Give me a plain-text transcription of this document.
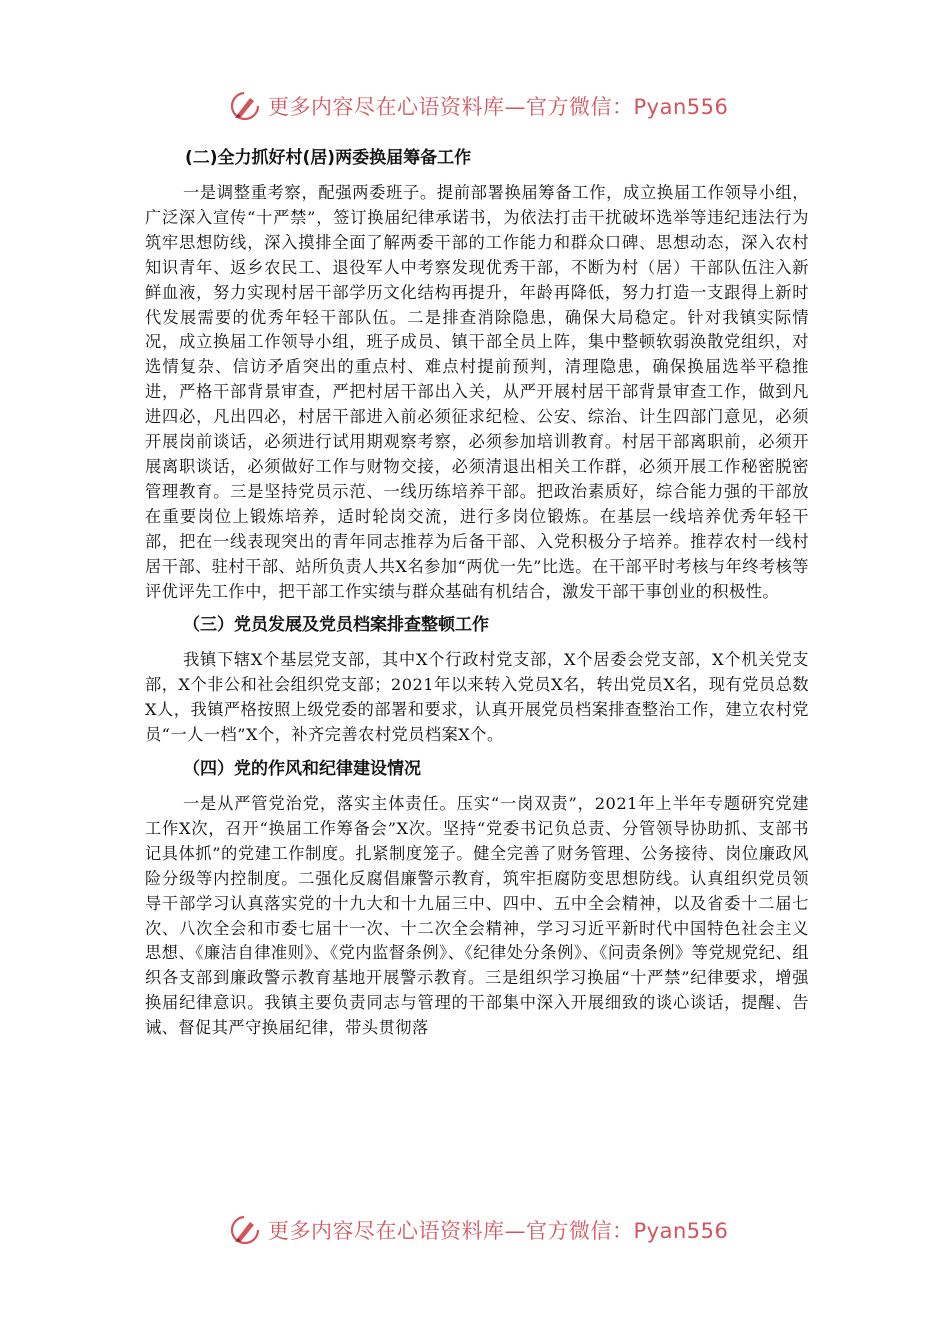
更多内容尽在心语资料库—官方微信：Pyan556
(二)全力抓好村(居)两委换届筹备工作

一是调整重考察，配强两委班子。提前部署换届筹备工作，成立换届工作领导小组，广泛深入宣传“十严禁”，签订换届纪律承诺书，为依法打击干扰破坏选举等违纪违法行为筑牢思想防线，深入摸排全面了解两委干部的工作能力和群众口碑、思想动态，深入农村知识青年、返乡农民工、退役军人中考察发现优秀干部，不断为村（居）干部队伍注入新鲜血液，努力实现村居干部学历文化结构再提升，年龄再降低，努力打造一支跟得上新时代发展需要的优秀年轻干部队伍。二是排查消除隐患，确保大局稳定。针对我镇实际情况，成立换届工作领导小组，班子成员、镇干部全员上阵，集中整顿软弱涣散党组织，对选情复杂、信访矛盾突出的重点村、难点村提前预判，清理隐患，确保换届选举平稳推进，严格干部背景审查，严把村居干部出入关，从严开展村居干部背景审查工作，做到凡进四必，凡出四必，村居干部进入前必须征求纪检、公安、综治、计生四部门意见，必须开展岗前谈话，必须进行试用期观察考察，必须参加培训教育。村居干部离职前，必须开展离职谈话，必须做好工作与财物交接，必须清退出相关工作群，必须开展工作秘密脱密管理教育。三是坚持党员示范、一线历练培养干部。把政治素质好，综合能力强的干部放在重要岗位上锻炼培养，适时轮岗交流，进行多岗位锻炼。在基层一线培养优秀年轻干部，把在一线表现突出的青年同志推荐为后备干部、入党积极分子培养。推荐农村一线村居干部、驻村干部、站所负责人共X名参加“两优一先”比选。在干部平时考核与年终考核等评优评先工作中，把干部工作实绩与群众基础有机结合，激发干部干事创业的积极性。

（三）党员发展及党员档案排查整顿工作

我镇下辖X个基层党支部，其中X个行政村党支部，X个居委会党支部，X个机关党支部，X个非公和社会组织党支部；2021年以来转入党员X名，转出党员X名，现有党员总数X人，我镇严格按照上级党委的部署和要求，认真开展党员档案排查整治工作，建立农村党员“一人一档”X个，补齐完善农村党员档案X个。

（四）党的作风和纪律建设情况

一是从严管党治党，落实主体责任。压实“一岗双责”，2021年上半年专题研究党建工作X次，召开“换届工作筹备会”X次。坚持“党委书记负总责、分管领导协助抓、支部书记具体抓”的党建工作制度。扎紧制度笼子。健全完善了财务管理、公务接待、岗位廉政风险分级等内控制度。二强化反腐倡廉警示教育，筑牢拒腐防变思想防线。认真组织党员领导干部学习认真落实党的十九大和十九届三中、四中、五中全会精神，以及省委十二届七次、八次全会和市委七届十一次、十二次全会精神，学习习近平新时代中国特色社会主义思想、《廉洁自律准则》、《党内监督条例》、《纪律处分条例》、《问责条例》等党规党纪、组织各支部到廉政警示教育基地开展警示教育。三是组织学习换届“十严禁”纪律要求，增强换届纪律意识。我镇主要负责同志与管理的干部集中深入开展细致的谈心谈话，提醒、告诫、督促其严守换届纪律，带头贯彻落

更多内容尽在心语资料库—官方微信：Pyan556
